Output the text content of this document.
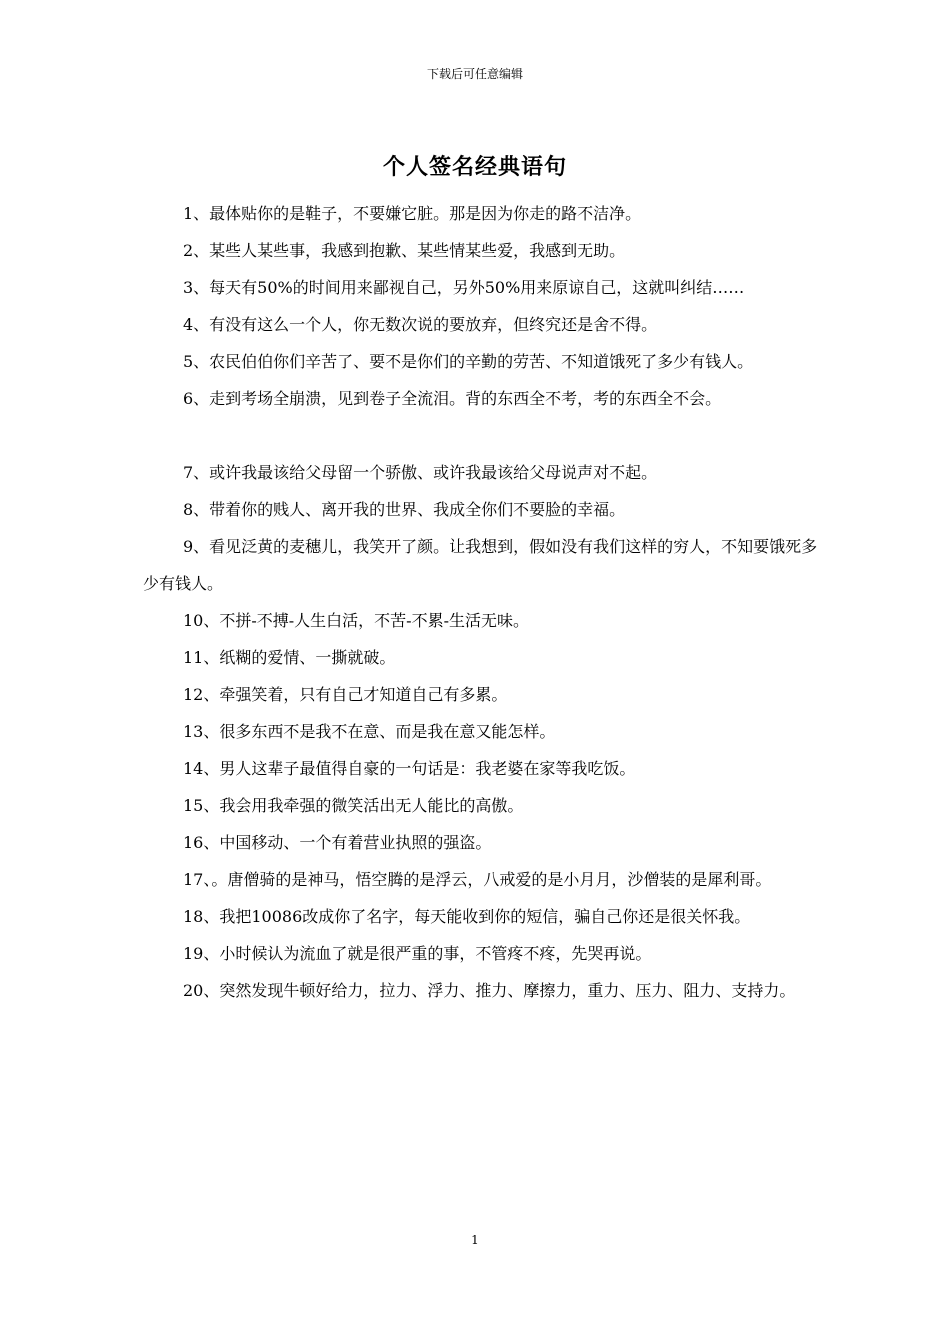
下载后可任意编辑
个人签名经典语句

1、最体贴你的是鞋子，不要嫌它脏。那是因为你走的路不洁净。

2、某些人某些事，我感到抱歉、某些情某些爱，我感到无助。

3、每天有50%的时间用来鄙视自己，另外50%用来原谅自己，这就叫纠结……

4、有没有这么一个人，你无数次说的要放弃，但终究还是舍不得。

5、农民伯伯你们辛苦了、要不是你们的辛勤的劳苦、不知道饿死了多少有钱人。

6、走到考场全崩溃，见到卷子全流泪。背的东西全不考，考的东西全不会。

7、或许我最该给父母留一个骄傲、或许我最该给父母说声对不起。

8、带着你的贱人、离开我的世界、我成全你们不要脸的幸福。

9、看见泛黄的麦穗儿，我笑开了颜。让我想到，假如没有我们这样的穷人，不知要饿死多少有钱人。

10、不拼-不搏-人生白活，不苦-不累-生活无味。

11、纸糊的爱情、一撕就破。

12、牵强笑着，只有自己才知道自己有多累。

13、很多东西不是我不在意、而是我在意又能怎样。

14、男人这辈子最值得自豪的一句话是：我老婆在家等我吃饭。

15、我会用我牵强的微笑活出无人能比的高傲。

16、中国移动、一个有着营业执照的强盗。

17、。唐僧骑的是神马，悟空腾的是浮云，八戒爱的是小月月，沙僧装的是犀利哥。

18、我把10086改成你了名字，每天能收到你的短信，骗自己你还是很关怀我。

19、小时候认为流血了就是很严重的事，不管疼不疼，先哭再说。

20、突然发现牛顿好给力，拉力、浮力、推力、摩擦力，重力、压力、阻力、支持力。

1
